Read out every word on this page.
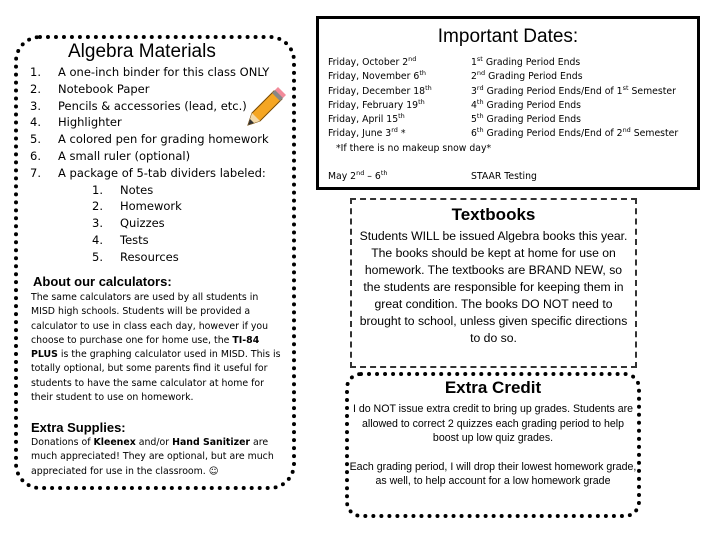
Algebra Materials
1.	A one-inch binder for this class ONLY
2.	Notebook Paper
3.	Pencils & accessories (lead, etc.)
4.	Highlighter
5.	A colored pen for grading homework
6.	A small ruler (optional)
7.	A package of 5-tab dividers labeled:
1.	Notes
2.	Homework
3.	Quizzes
4.	Tests
5.	Resources
About our calculators:
The same calculators are used by all students in MISD high schools. Students will be provided a calculator to use in class each day, however if you choose to purchase one for home use, the TI-84 PLUS is the graphing calculator used in MISD. This is totally optional, but some parents find it useful for students to have the same calculator at home for their student to use on homework.
Extra Supplies:
Donations of Kleenex and/or Hand Sanitizer are much appreciated! They are optional, but are much appreciated for use in the classroom. ☺
Important Dates:
Friday, October 2nd	1st Grading Period Ends
Friday, November 6th	2nd Grading Period Ends
Friday, December 18th	3rd Grading Period Ends/End of 1st Semester
Friday, February 19th	4th Grading Period Ends
Friday, April 15th	5th Grading Period Ends
Friday, June 3rd *	6th Grading Period Ends/End of 2nd Semester
*If there is no makeup snow day*
May 2nd – 6th	STAAR Testing
Textbooks
Students WILL be issued Algebra books this year. The books should be kept at home for use on homework. The textbooks are BRAND NEW, so the students are responsible for keeping them in great condition. The books DO NOT need to brought to school, unless given specific directions to do so.
Extra Credit
I do NOT issue extra credit to bring up grades. Students are allowed to correct 2 quizzes each grading period to help boost up low quiz grades.
Each grading period, I will drop their lowest homework grade, as well, to help account for a low homework grade
